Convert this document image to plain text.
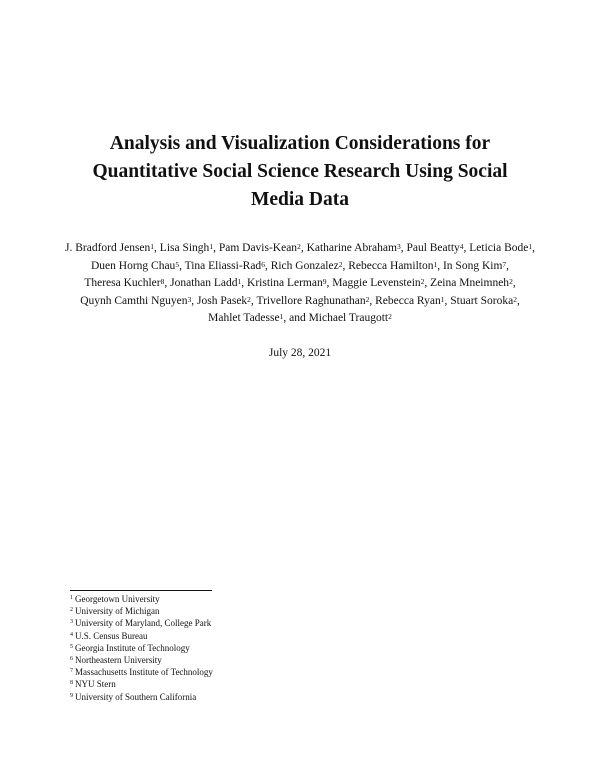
Analysis and Visualization Considerations for
Quantitative Social Science Research Using Social
Media Data

J. Bradford Jensen$^1$, Lisa Singh$^1$, Pam Davis-Kean$^2$, Katharine Abraham$^3$, Paul Beatty$^4$, Leticia Bode$^1$, Duen Horng Chau$^5$, Tina Eliassi-Rad$^6$, Rich Gonzalez$^2$, Rebecca Hamilton$^1$, In Song Kim$^7$, Theresa Kuchler$^8$, Jonathan Ladd$^1$, Kristina Lerman$^9$, Maggie Levenstein$^2$, Zeina Mneimneh$^2$, Quynh Camthi Nguyen$^3$, Josh Pasek$^2$, Trivellore Raghunathan$^2$, Rebecca Ryan$^1$, Stuart Soroka$^2$, Mahlet Tadesse$^1$, and Michael Traugott$^2$

July 28, 2021

$^1$ Georgetown University
$^2$ University of Michigan
$^3$ University of Maryland, College Park
$^4$ U.S. Census Bureau
$^5$ Georgia Institute of Technology
$^6$ Northeastern University
$^7$ Massachusetts Institute of Technology
$^8$ NYU Stern
$^9$ University of Southern California
